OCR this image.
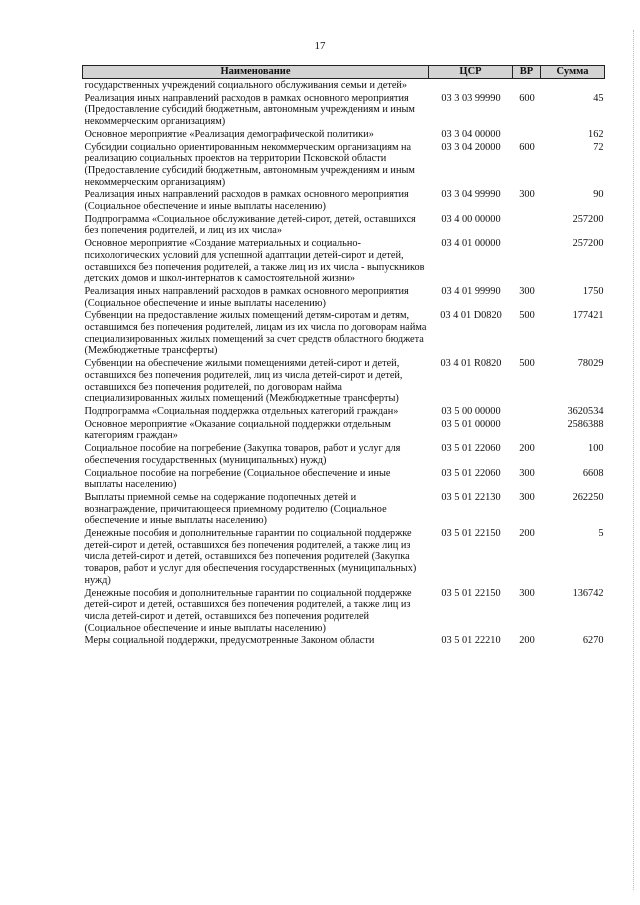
17
Наименование	ЦСР	ВР	Сумма
государственных учреждений социального обслуживания семьи и детей»			
Реализация иных направлений расходов в рамках основного мероприятия (Предоставление субсидий бюджетным, автономным учреждениям и иным некоммерческим организациям)	03 3 03 99990	600	45
Основное мероприятие «Реализация демографической политики»	03 3 04 00000		162
Субсидии социально ориентированным некоммерческим организациям на реализацию социальных проектов на территории Псковской области (Предоставление субсидий бюджетным, автономным учреждениям и иным некоммерческим организациям)	03 3 04 20000	600	72
Реализация иных направлений расходов в рамках основного мероприятия (Социальное обеспечение и иные выплаты населению)	03 3 04 99990	300	90
Подпрограмма «Социальное обслуживание детей-сирот, детей, оставшихся без попечения родителей, и лиц из их числа»	03 4 00 00000		257200
Основное мероприятие «Создание материальных и социально-психологических условий для успешной адаптации детей-сирот и детей, оставшихся без попечения родителей, а также лиц из их числа - выпускников детских домов и школ-интернатов к самостоятельной жизни»	03 4 01 00000		257200
Реализация иных направлений расходов в рамках основного мероприятия (Социальное обеспечение и иные выплаты населению)	03 4 01 99990	300	1750
Субвенции на предоставление жилых помещений детям-сиротам и детям, оставшимся без попечения родителей, лицам из их числа по договорам найма специализированных жилых помещений за счет средств областного бюджета (Межбюджетные трансферты)	03 4 01 D0820	500	177421
Субвенции на обеспечение жилыми помещениями детей-сирот и детей, оставшихся без попечения родителей, лиц из числа детей-сирот и детей, оставшихся без попечения родителей, по договорам найма специализированных жилых помещений (Межбюджетные трансферты)	03 4 01 R0820	500	78029
Подпрограмма «Социальная поддержка отдельных категорий граждан»	03 5 00 00000		3620534
Основное мероприятие «Оказание социальной поддержки отдельным категориям граждан»	03 5 01 00000		2586388
Социальное пособие на погребение (Закупка товаров, работ и услуг для обеспечения государственных (муниципальных) нужд)	03 5 01 22060	200	100
Социальное пособие на погребение (Социальное обеспечение и иные выплаты населению)	03 5 01 22060	300	6608
Выплаты приемной семье на содержание подопечных детей и вознаграждение, причитающееся приемному родителю (Социальное обеспечение и иные выплаты населению)	03 5 01 22130	300	262250
Денежные пособия и дополнительные гарантии по социальной поддержке детей-сирот и детей, оставшихся без попечения родителей, а также лиц из числа детей-сирот и детей, оставшихся без попечения родителей (Закупка товаров, работ и услуг для обеспечения государственных (муниципальных) нужд)	03 5 01 22150	200	5
Денежные пособия и дополнительные гарантии по социальной поддержке детей-сирот и детей, оставшихся без попечения родителей, а также лиц из числа детей-сирот и детей, оставшихся без попечения родителей (Социальное обеспечение и иные выплаты населению)	03 5 01 22150	300	136742
Меры социальной поддержки, предусмотренные Законом области	03 5 01 22210	200	6270
